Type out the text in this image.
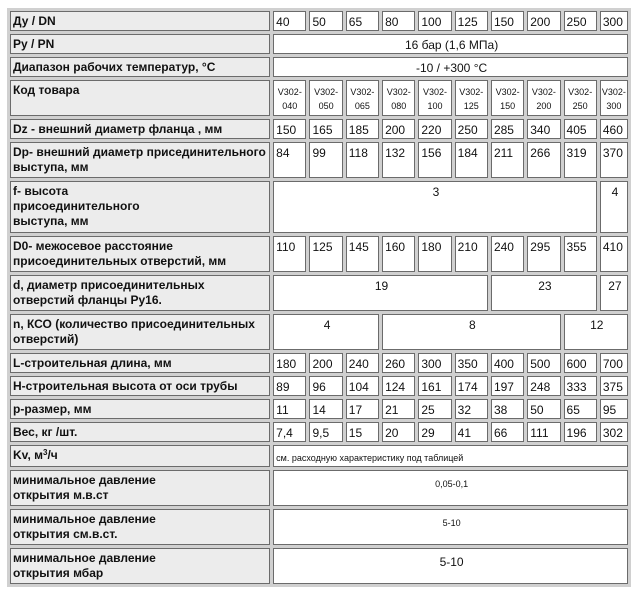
Ду / DN	40	50	65	80	100	125	150	200	250	300
Ру / PN	16 бар (1,6 МПа)									
Диапазон рабочих температур, °C	-10 / +300 °C									
Код товара	V302-040	V302-050	V302-065	V302-080	V302-100	V302-125	V302-150	V302-200	V302-250	V302-300
Dz - внешний диаметр фланца , мм	150	165	185	200	220	250	285	340	405	460
Dp- внешний диаметр присединительного выступа, мм	84	99	118	132	156	184	211	266	319	370
f- высота присоединительного выступа, мм	3									4
D0- межосевое расстояние присоединительных отверстий, мм	110	125	145	160	180	210	240	295	355	410
d, диаметр присоединительных отверстий фланцы Ру16.	19						23			27
n, КСО (количество присоединительных отверстий)	4			8					12	
L-строительная длина, мм	180	200	240	260	300	350	400	500	600	700
H-строительная высота от оси трубы	89	96	104	124	161	174	197	248	333	375
р-размер, мм	11	14	17	21	25	32	38	50	65	95
Вес, кг /шт.	7,4	9,5	15	20	29	41	66	111	196	302
Kv, $м^3/ч$	см. расходную характеристику под таблицей									
минимальное давление открытия м.в.ст	0,05-0,1									
минимальное давление открытия см.в.ст.	5-10									
минимальное давление открытия мбар	5-10									
